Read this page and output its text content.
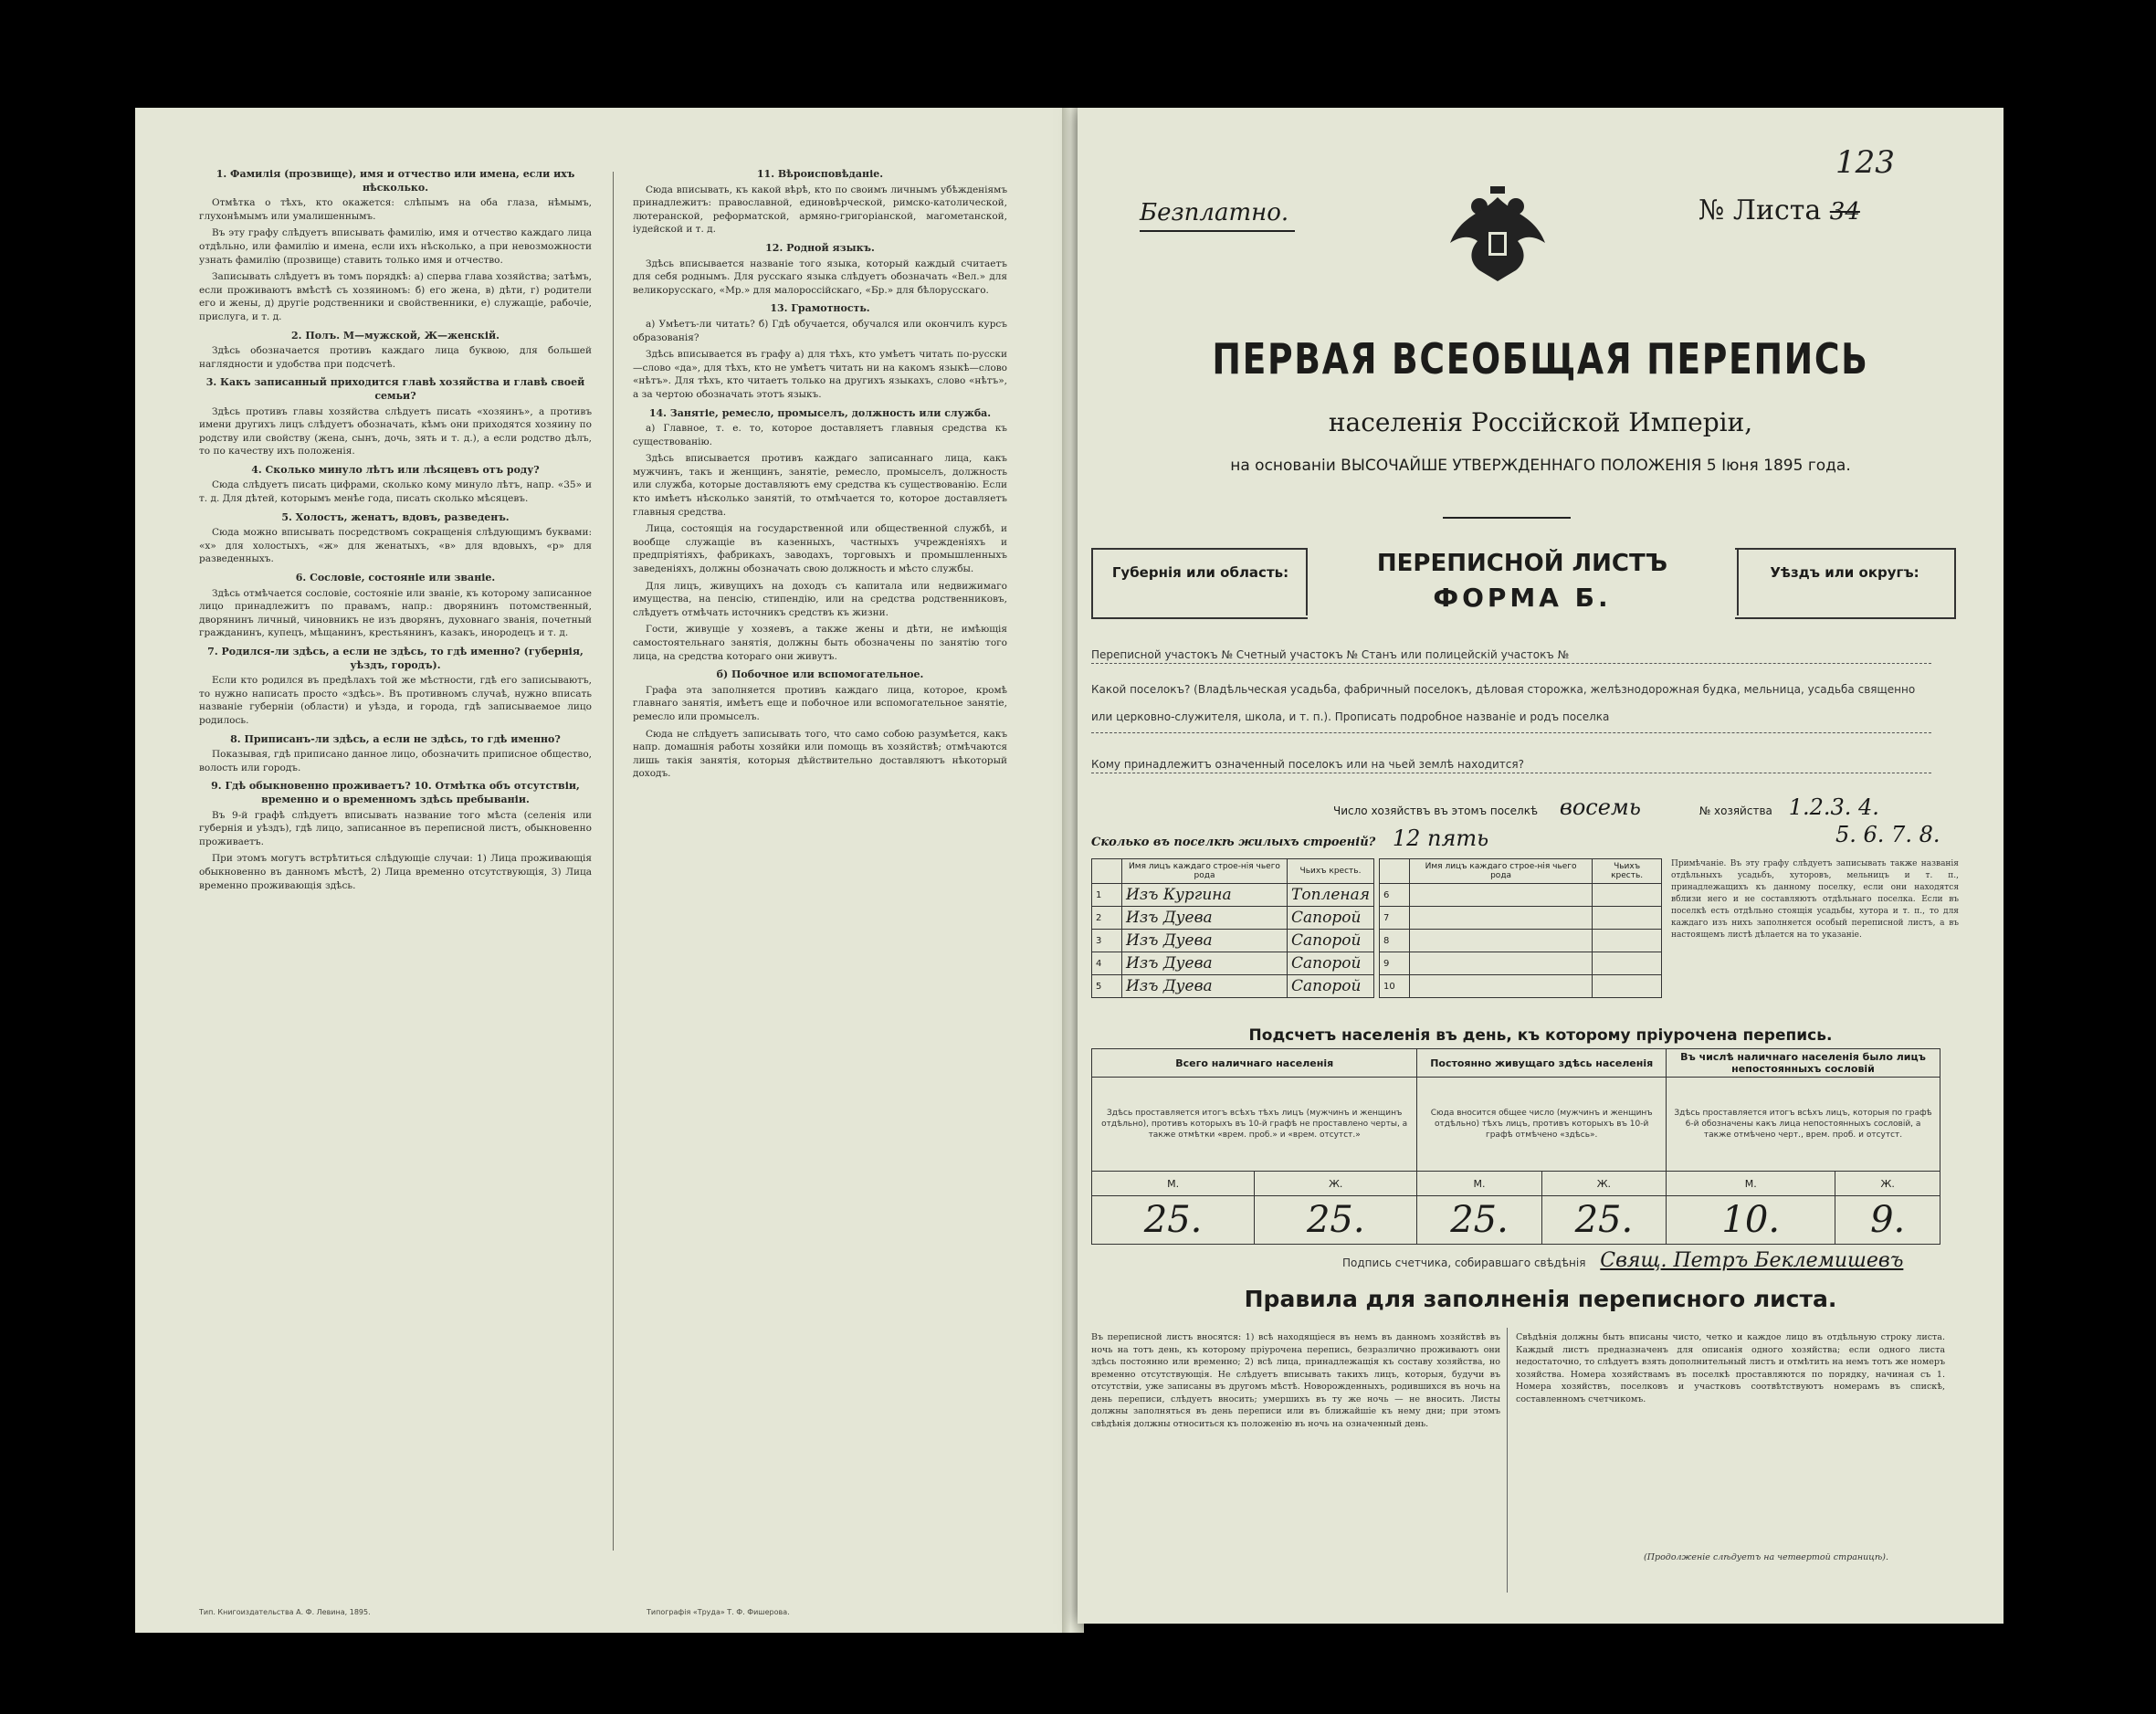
1. Фамилія (прозвище), имя и отчество или имена, если ихъ нѣсколько.

Отмѣтка о тѣхъ, кто окажется: слѣпымъ на оба глаза, нѣмымъ, глухонѣмымъ или умалишеннымъ.

Въ эту графу слѣдуетъ вписывать фамилію, имя и отчество каждаго лица отдѣльно, или фамилію и имена, если ихъ нѣсколько, а при невозможности узнать фамилію (прозвище) ставить только имя и отчество.

Записывать слѣдуетъ въ томъ порядкѣ: а) сперва глава хозяйства; затѣмъ, если проживаютъ вмѣстѣ съ хозяиномъ: б) его жена, в) дѣти, г) родители его и жены, д) другіе родственники и свойственники, е) служащіе, рабочіе, прислуга, и т. д.

2. Полъ. М—мужской, Ж—женскій.

Здѣсь обозначается противъ каждаго лица буквою, для большей наглядности и удобства при подсчетѣ.

3. Какъ записанный приходится главѣ хозяйства и главѣ своей семьи?

Здѣсь противъ главы хозяйства слѣдуетъ писать «хозяинъ», а противъ имени другихъ лицъ слѣдуетъ обозначать, кѣмъ они приходятся хозяину по родству или свойству (жена, сынъ, дочь, зять и т. д.), а если родство дѣлъ, то по качеству ихъ положенія.

4. Сколько минуло лѣтъ или лѣсяцевъ отъ роду?

Сюда слѣдуетъ писать цифрами, сколько кому минуло лѣтъ, напр. «35» и т. д. Для дѣтей, которымъ менѣе года, писать сколько мѣсяцевъ.

5. Холостъ, женатъ, вдовъ, разведенъ.

Сюда можно вписывать посредствомъ сокращенія слѣдующимъ буквами: «х» для холостыхъ, «ж» для женатыхъ, «в» для вдовыхъ, «р» для разведенныхъ.

6. Сословіе, состояніе или званіе.

Здѣсь отмѣчается сословіе, состояніе или званіе, къ которому записанное лицо принадлежитъ по правамъ, напр.: дворянинъ потомственный, дворянинъ личный, чиновникъ не изъ дворянъ, духовнаго званія, почетный гражданинъ, купецъ, мѣщанинъ, крестьянинъ, казакъ, инородецъ и т. д.

7. Родился-ли здѣсь, а если не здѣсь, то гдѣ именно? (губернія, уѣздъ, городъ).

Если кто родился въ предѣлахъ той же мѣстности, гдѣ его записываютъ, то нужно написать просто «здѣсь». Въ противномъ случаѣ, нужно вписать названіе губерніи (области) и уѣзда, и города, гдѣ записываемое лицо родилось.

8. Приписанъ-ли здѣсь, а если не здѣсь, то гдѣ именно?

Показывая, гдѣ приписано данное лицо, обозначить приписное общество, волость или городъ.

9. Гдѣ обыкновенно проживаетъ? 10. Отмѣтка объ отсутствіи, временно и о временномъ здѣсь пребываніи.

Въ 9-й графѣ слѣдуетъ вписывать название того мѣста (селенія или губернія и уѣздъ), гдѣ лицо, записанное въ переписной листъ, обыкновенно проживаетъ.

При этомъ могутъ встрѣтиться слѣдующіе случаи: 1) Лица проживающія обыкновенно въ данномъ мѣстѣ, 2) Лица временно отсутствующія, 3) Лица временно проживающія здѣсь.

11. Вѣроисповѣданіе.

Сюда вписывать, къ какой вѣрѣ, кто по своимъ личнымъ убѣжденіямъ принадлежитъ: православной, единовѣрческой, римско-католической, лютеранской, реформатской, армяно-григоріанской, магометанской, іудейской и т. д.

12. Родной языкъ.

Здѣсь вписывается названіе того языка, который каждый считаетъ для себя роднымъ. Для русскаго языка слѣдуетъ обозначать «Вел.» для великорусскаго, «Мр.» для малороссійскаго, «Бр.» для бѣлорусскаго.

13. Грамотность.

а) Умѣетъ-ли читать? б) Гдѣ обучается, обучался или окончилъ курсъ образованія?

Здѣсь вписывается въ графу а) для тѣхъ, кто умѣетъ читать по-русски—слово «да», для тѣхъ, кто не умѣетъ читать ни на какомъ языкѣ—слово «нѣтъ». Для тѣхъ, кто читаетъ только на другихъ языкахъ, слово «нѣтъ», а за чертою обозначать этотъ языкъ.

14. Занятіе, ремесло, промыселъ, должность или служба.

а) Главное, т. е. то, которое доставляетъ главныя средства къ существованію.

Здѣсь вписывается противъ каждаго записаннаго лица, какъ мужчинъ, такъ и женщинъ, занятіе, ремесло, промыселъ, должность или служба, которые доставляютъ ему средства къ существованію. Если кто имѣетъ нѣсколько занятій, то отмѣчается то, которое доставляетъ главныя средства.

Лица, состоящія на государственной или общественной службѣ, и вообще служащіе въ казенныхъ, частныхъ учрежденіяхъ и предпріятіяхъ, фабрикахъ, заводахъ, торговыхъ и промышленныхъ заведеніяхъ, должны обозначать свою должность и мѣсто службы.

Для лицъ, живущихъ на доходъ съ капитала или недвижимаго имущества, на пенсію, стипендію, или на средства родственниковъ, слѣдуетъ отмѣчать источникъ средствъ къ жизни.

Гости, живущіе у хозяевъ, а также жены и дѣти, не имѣющія самостоятельнаго занятія, должны быть обозначены по занятію того лица, на средства котораго они живутъ.

б) Побочное или вспомогательное.

Графа эта заполняется противъ каждаго лица, которое, кромѣ главнаго занятія, имѣетъ еще и побочное или вспомогательное занятіе, ремесло или промыселъ.

Сюда не слѣдуетъ записывать того, что само собою разумѣется, какъ напр. домашнія работы хозяйки или помощь въ хозяйствѣ; отмѣчаются лишь такія занятія, которыя дѣйствительно доставляютъ нѣкоторый доходъ.

Тип. Книгоиздательства А. Ф. Левина, 1895.	Типографія «Труда» Т. Ф. Фишерова.
Безплатно.	№ Листа 34
123
ПЕРВАЯ ВСЕОБЩАЯ ПЕРЕПИСЬ
населенія Россійской Имперіи,
на основаніи ВЫСОЧАЙШЕ УТВЕРЖДЕННАГО ПОЛОЖЕНІЯ 5 Іюня 1895 года.
Губернія или область:	ПЕРЕПИСНОЙ ЛИСТЪ
ФОРМА Б.
Уѣздъ или округъ:
Переписной участокъ № Счетный участокъ № Станъ или полицейскій участокъ №
Какой поселокъ? (Владѣльческая усадьба, фабричный поселокъ, дѣловая сторожка, желѣзнодорожная будка, мельница, усадьба священно или церковно-служителя, школа, и т. п.). Прописать подробное названіе и родъ поселка
Кому принадлежитъ означенный поселокъ или на чьей землѣ находится?
Число хозяйствъ въ этомъ поселкѣ восемь	№ хозяйства 1.2.3. 4.
5. 6. 7. 8.
Сколько въ поселкѣ жилыхъ строеній? 12 пять
	Имя лицъ каждаго строе-нія чьего рода	Чьихъ кресть.
1	Изъ Кургина	Топленая
2	Изъ Дуева	Сапорой
3	Изъ Дуева	Сапорой
4	Изъ Дуева	Сапорой
5	Изъ Дуева	Сапорой
	Имя лицъ каждаго строе-нія чьего рода	Чьихъ кресть.
6		
7		
8		
9		
10		
Примѣчаніе. Въ эту графу слѣдуетъ записывать также названія отдѣльныхъ усадьбъ, хуторовъ, мельницъ и т. п., принадлежащихъ къ данному поселку, если они находятся вблизи него и не составляютъ отдѣльнаго поселка. Если въ поселкѣ есть отдѣльно стоящія усадьбы, хутора и т. п., то для каждаго изъ нихъ заполняется особый переписной листъ, а въ настоящемъ листѣ дѣлается на то указаніе.
Подсчетъ населенія въ день, къ которому пріурочена перепись.
Всего наличнаго населенія		Постоянно живущаго здѣсь населенія		Въ числѣ наличнаго населенія было лицъ непостоянныхъ сословій	
Здѣсь проставляется итогъ всѣхъ тѣхъ лицъ (мужчинъ и женщинъ отдѣльно), противъ которыхъ въ 10-й графѣ не проставлено черты, а также отмѣтки «врем. проб.» и «врем. отсутст.»		Сюда вносится общее число (мужчинъ и женщинъ отдѣльно) тѣхъ лицъ, противъ которыхъ въ 10-й графѣ отмѣчено «здѣсь».		Здѣсь проставляется итогъ всѣхъ лицъ, которыя по графѣ 6-й обозначены какъ лица непостоянныхъ сословій, а также отмѣчено черт., врем. проб. и отсутст.	
М.	Ж.	М.	Ж.	М.	Ж.
25.	25.	25.	25.	10.	9.
Подпись счетчика, собиравшаго свѣдѣнія Свящ. Петръ Беклемишевъ
Правила для заполненія переписного листа.
Въ переписной листъ вносятся: 1) всѣ находящіеся въ немъ въ данномъ хозяйствѣ въ ночь на тотъ день, къ которому пріурочена перепись, безразлично проживаютъ они здѣсь постоянно или временно; 2) всѣ лица, принадлежащія къ составу хозяйства, но временно отсутствующія. Не слѣдуетъ вписывать такихъ лицъ, которыя, будучи въ отсутствіи, уже записаны въ другомъ мѣстѣ. Новорожденныхъ, родившихся въ ночь на день переписи, слѣдуетъ вносить; умершихъ въ ту же ночь — не вносить. Листы должны заполняться въ день переписи или въ ближайшіе къ нему дни; при этомъ свѣдѣнія должны относиться къ положенію въ ночь на означенный день.
Свѣдѣнія должны быть вписаны чисто, четко и каждое лицо въ отдѣльную строку листа. Каждый листъ предназначенъ для описанія одного хозяйства; если одного листа недостаточно, то слѣдуетъ взять дополнительный листъ и отмѣтить на немъ тотъ же номеръ хозяйства. Номера хозяйствамъ въ поселкѣ проставляются по порядку, начиная съ 1. Номера хозяйствъ, поселковъ и участковъ соотвѣтствуютъ номерамъ въ спискѣ, составленномъ счетчикомъ.
(Продолженіе слѣдуетъ на четвертой страницѣ).
